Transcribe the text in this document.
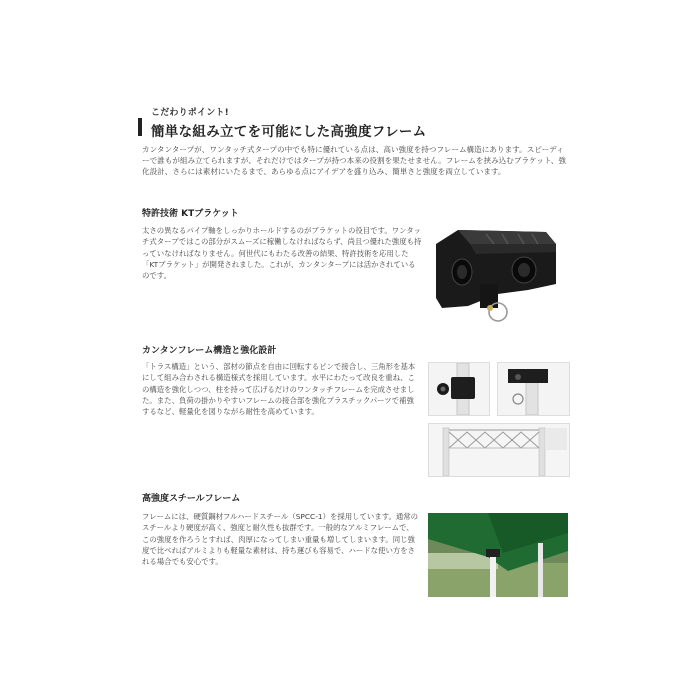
こだわりポイント!
簡単な組み立てを可能にした高強度フレーム
カンタンタープが、ワンタッチ式タープの中でも特に優れている点は、高い強度を持つフレーム構造にあります。スピーディーで誰もが組み立てられますが、それだけではタープが持つ本来の役割を果たせません。フレームを挟み込むブラケット、強化設計、さらには素材にいたるまで、あらゆる点にアイデアを盛り込み、簡単さと強度を両立しています。
特許技術 KTブラケット
太さの異なるパイプ軸をしっかりホールドするのがブラケットの役目です。ワンタッチ式タープではこの部分がスムーズに稼働しなければならず、尚且つ優れた強度も持っていなければなりません。何世代にもわたる改善の結果、特許技術を応用した「KTブラケット」が開発されました。これが、カンタンタープには活かされているのです。
カンタンフレーム構造と強化設計
「トラス構造」という、部材の節点を自由に回転するピンで接合し、三角形を基本にして組み合わされる構造様式を採用しています。水平にわたって改良を重ね、この構造を強化しつつ、柱を持って広げるだけのワンタッチフレームを完成させました。また、負荷の掛かりやすいフレームの接合部を強化プラスチックパーツで補強するなど、軽量化を図りながら耐性を高めています。
高強度スチールフレーム
フレームには、硬質鋼材フルハードスチール（SPCC-1）を採用しています。通常のスチールより硬度が高く、強度と耐久性も抜群です。一般的なアルミフレームで、この強度を作ろうとすれば、肉厚になってしまい重量も増してしまいます。同じ強度で比べればアルミよりも軽量な素材は、持ち運びも容易で、ハードな使い方をされる場合でも安心です。
